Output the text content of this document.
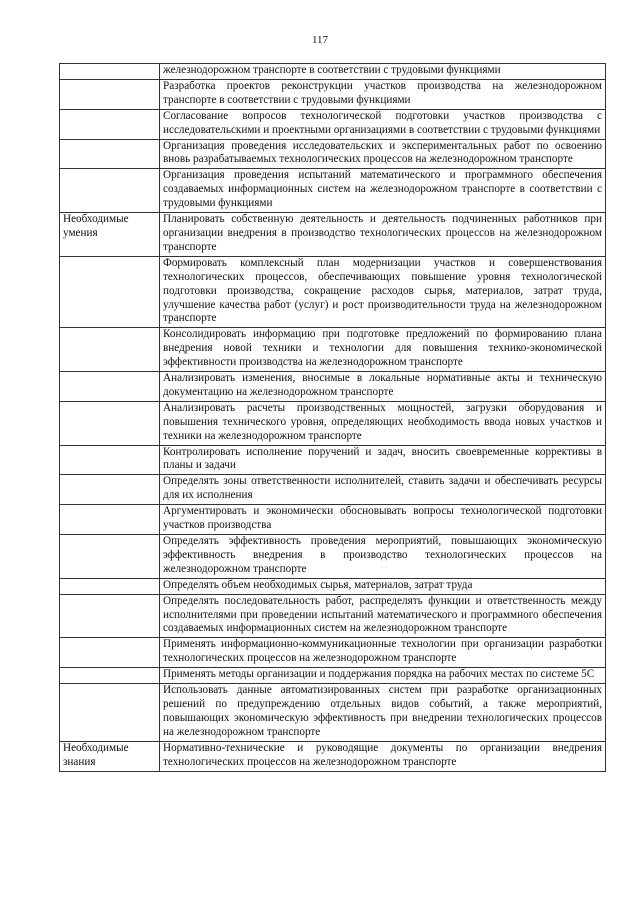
117
	железнодорожном транспорте в соответствии с трудовыми функциями
	Разработка проектов реконструкции участков производства на железнодорожном транспорте в соответствии с трудовыми функциями
	Согласование вопросов технологической подготовки участков производства с исследовательскими и проектными организациями в соответствии с трудовыми функциями
	Организация проведения исследовательских и экспериментальных работ по освоению вновь разрабатываемых технологических процессов на железнодорожном транспорте
	Организация проведения испытаний математического и программного обеспечения создаваемых информационных систем на железнодорожном транспорте в соответствии с трудовыми функциями
Необходимые умения	Планировать собственную деятельность и деятельность подчиненных работников при организации внедрения в производство технологических процессов на железнодорожном транспорте
	Формировать комплексный план модернизации участков и совершенствования технологических процессов, обеспечивающих повышение уровня технологической подготовки производства, сокращение расходов сырья, материалов, затрат труда, улучшение качества работ (услуг) и рост производительности труда на железнодорожном транспорте
	Консолидировать информацию при подготовке предложений по формированию плана внедрения новой техники и технологии для повышения технико-экономической эффективности производства на железнодорожном транспорте
	Анализировать изменения, вносимые в локальные нормативные акты и техническую документацию на железнодорожном транспорте
	Анализировать расчеты производственных мощностей, загрузки оборудования и повышения технического уровня, определяющих необходимость ввода новых участков и техники на железнодорожном транспорте
	Контролировать исполнение поручений и задач, вносить своевременные коррективы в планы и задачи
	Определять зоны ответственности исполнителей, ставить задачи и обеспечивать ресурсы для их исполнения
	Аргументировать и экономически обосновывать вопросы технологической подготовки участков производства
	Определять эффективность проведения мероприятий, повышающих экономическую эффективность внедрения в производство технологических процессов на железнодорожном транспорте
	Определять объем необходимых сырья, материалов, затрат труда
	Определять последовательность работ, распределять функции и ответственность между исполнителями при проведении испытаний математического и программного обеспечения создаваемых информационных систем на железнодорожном транспорте
	Применять информационно-коммуникационные технологии при организации разработки технологических процессов на железнодорожном транспорте
	Применять методы организации и поддержания порядка на рабочих местах по системе 5С
	Использовать данные автоматизированных систем при разработке организационных решений по предупреждению отдельных видов событий, а также мероприятий, повышающих экономическую эффективность при внедрении технологических процессов на железнодорожном транспорте
Необходимые знания	Нормативно-технические и руководящие документы по организации внедрения технологических процессов на железнодорожном транспорте
